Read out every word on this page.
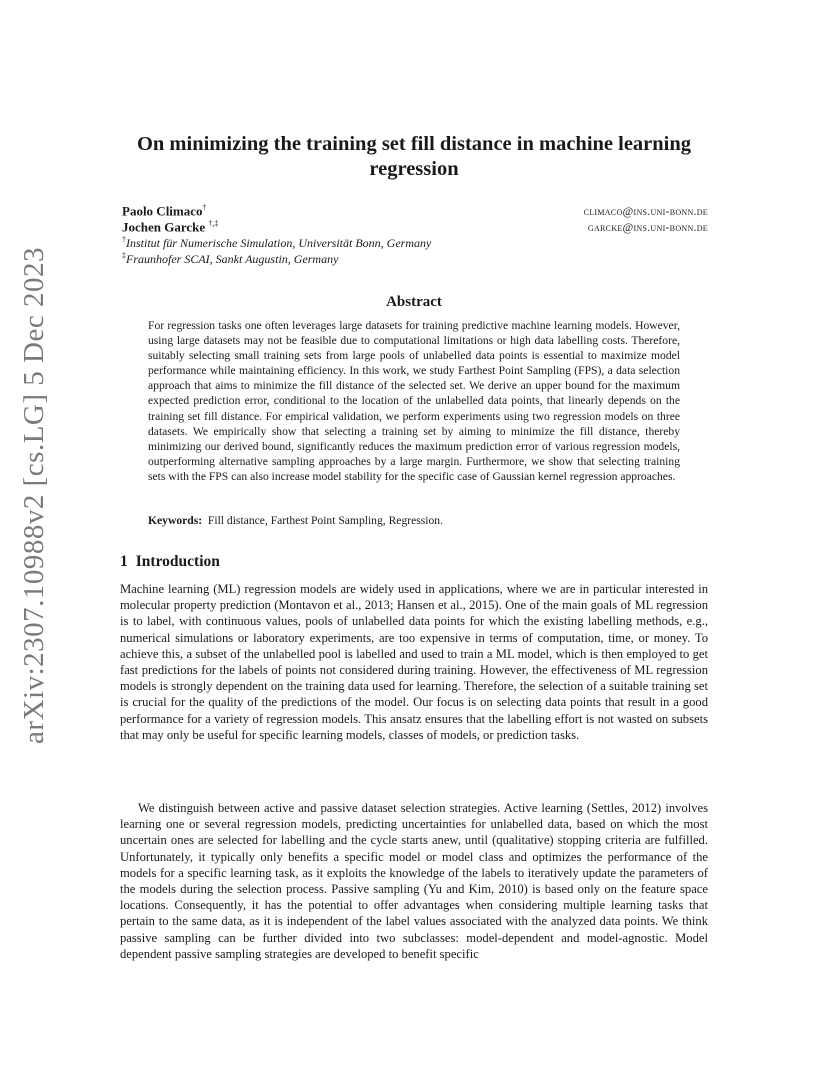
arXiv:2307.10988v2 [cs.LG] 5 Dec 2023
On minimizing the training set fill distance in machine learning regression
Paolo Climaco†	climaco@ins.uni-bonn.de
Jochen Garcke †,‡	garcke@ins.uni-bonn.de
†Institut für Numerische Simulation, Universität Bonn, Germany
‡Fraunhofer SCAI, Sankt Augustin, Germany
Abstract

For regression tasks one often leverages large datasets for training predictive machine learning models. However, using large datasets may not be feasible due to computational limitations or high data labelling costs. Therefore, suitably selecting small training sets from large pools of unlabelled data points is essential to maximize model performance while maintaining efficiency. In this work, we study Farthest Point Sampling (FPS), a data selection approach that aims to minimize the fill distance of the selected set. We derive an upper bound for the maximum expected prediction error, conditional to the location of the unlabelled data points, that linearly depends on the training set fill distance. For empirical validation, we perform experiments using two regression models on three datasets. We empirically show that selecting a training set by aiming to minimize the fill distance, thereby minimizing our derived bound, significantly reduces the maximum prediction error of various regression models, outperforming alternative sampling approaches by a large margin. Furthermore, we show that selecting training sets with the FPS can also increase model stability for the specific case of Gaussian kernel regression approaches.

Keywords: Fill distance, Farthest Point Sampling, Regression.

1 Introduction

Machine learning (ML) regression models are widely used in applications, where we are in particular interested in molecular property prediction (Montavon et al., 2013; Hansen et al., 2015). One of the main goals of ML regression is to label, with continuous values, pools of unlabelled data points for which the existing labelling methods, e.g., numerical simulations or laboratory experiments, are too expensive in terms of computation, time, or money. To achieve this, a subset of the unlabelled pool is labelled and used to train a ML model, which is then employed to get fast predictions for the labels of points not considered during training. However, the effectiveness of ML regression models is strongly dependent on the training data used for learning. Therefore, the selection of a suitable training set is crucial for the quality of the predictions of the model. Our focus is on selecting data points that result in a good performance for a variety of regression models. This ansatz ensures that the labelling effort is not wasted on subsets that may only be useful for specific learning models, classes of models, or prediction tasks.

We distinguish between active and passive dataset selection strategies. Active learning (Settles, 2012) involves learning one or several regression models, predicting uncertainties for unlabelled data, based on which the most uncertain ones are selected for labelling and the cycle starts anew, until (qualitative) stopping criteria are fulfilled. Unfortunately, it typically only benefits a specific model or model class and optimizes the performance of the models for a specific learning task, as it exploits the knowledge of the labels to iteratively update the parameters of the models during the selection process. Passive sampling (Yu and Kim, 2010) is based only on the feature space locations. Consequently, it has the potential to offer advantages when considering multiple learning tasks that pertain to the same data, as it is independent of the label values associated with the analyzed data points. We think passive sampling can be further divided into two subclasses: model-dependent and model-agnostic. Model dependent passive sampling strategies are developed to benefit specific
